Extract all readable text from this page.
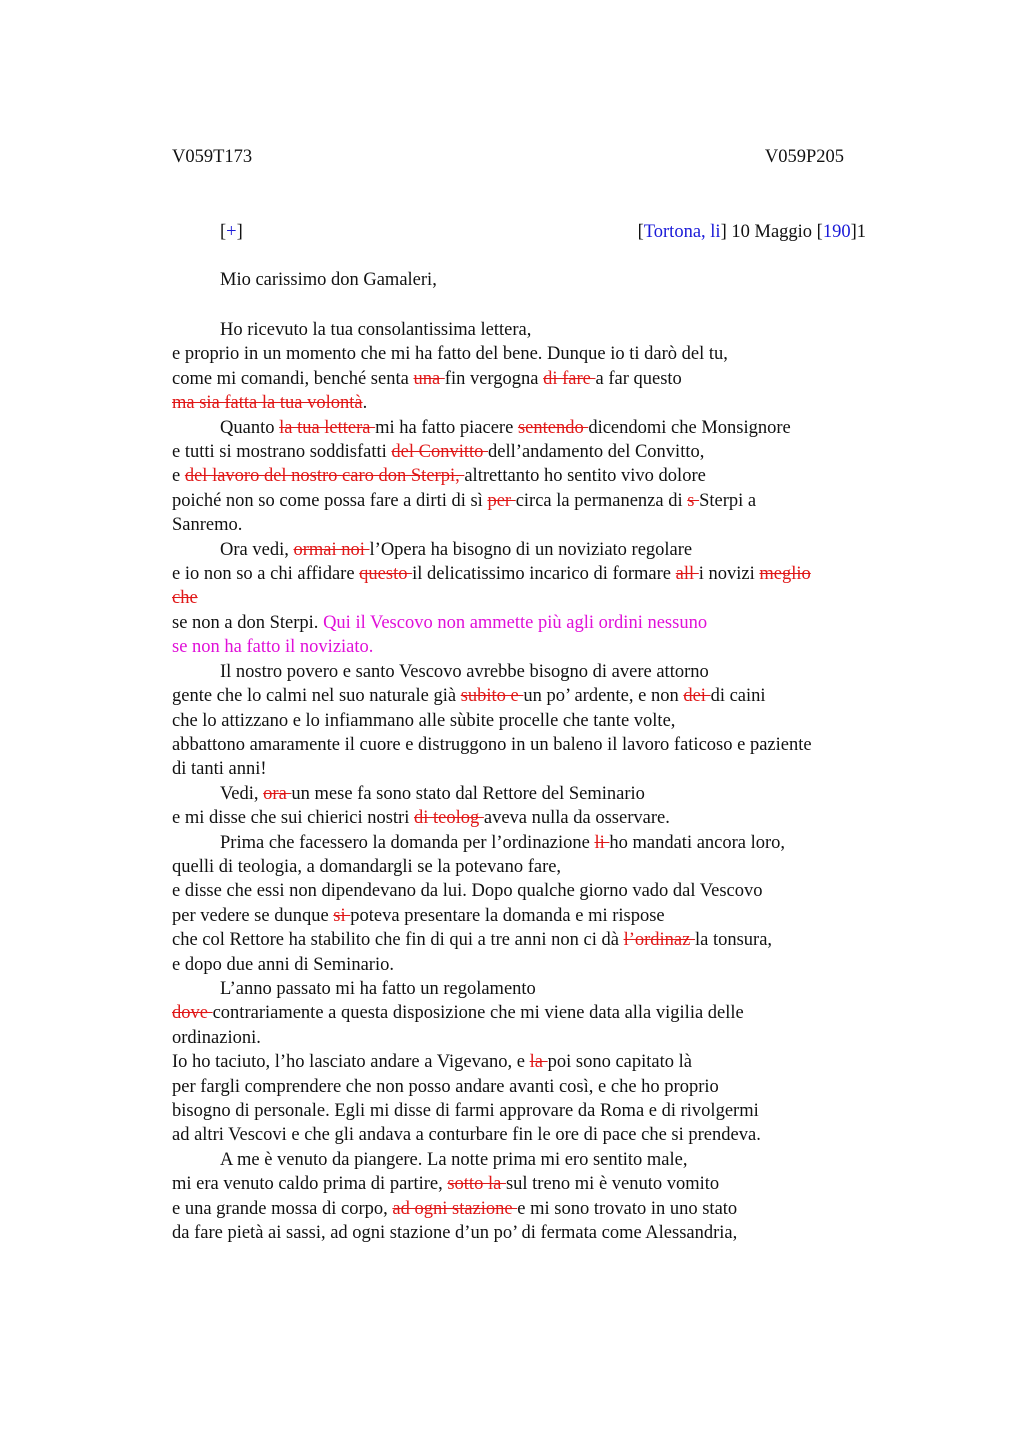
V059T173	V059P205
[+]	[Tortona, li] 10 Maggio [190]1
Mio carissimo don Gamaleri,
Ho ricevuto la tua consolantissima lettera,
e proprio in un momento che mi ha fatto del bene. Dunque io ti darò del tu,
come mi comandi, benché senta una fin vergogna di fare a far questo
ma sia fatta la tua volontà.
Quanto la tua lettera mi ha fatto piacere sentendo dicendomi che Monsignore
e tutti si mostrano soddisfatti del Convitto dell’andamento del Convitto,
e del lavoro del nostro caro don Sterpi, altrettanto ho sentito vivo dolore
poiché non so come possa fare a dirti di sì per circa la permanenza di s Sterpi a
Sanremo.
Ora vedi, ormai noi l’Opera ha bisogno di un noviziato regolare
e io non so a chi affidare questo il delicatissimo incarico di formare all i novizi meglio
che
se non a don Sterpi. Qui il Vescovo non ammette più agli ordini nessuno
se non ha fatto il noviziato.
Il nostro povero e santo Vescovo avrebbe bisogno di avere attorno
gente che lo calmi nel suo naturale già subito e un po’ ardente, e non dei di caini
che lo attizzano e lo infiammano alle sùbite procelle che tante volte,
abbattono amaramente il cuore e distruggono in un baleno il lavoro faticoso e paziente
di tanti anni!
Vedi, ora un mese fa sono stato dal Rettore del Seminario
e mi disse che sui chierici nostri di teolog aveva nulla da osservare.
Prima che facessero la domanda per l’ordinazione li ho mandati ancora loro,
quelli di teologia, a domandargli se la potevano fare,
e disse che essi non dipendevano da lui. Dopo qualche giorno vado dal Vescovo
per vedere se dunque si poteva presentare la domanda e mi rispose
che col Rettore ha stabilito che fin di qui a tre anni non ci dà l’ordinaz la tonsura,
e dopo due anni di Seminario.
L’anno passato mi ha fatto un regolamento
dove contrariamente a questa disposizione che mi viene data alla vigilia delle
ordinazioni.
Io ho taciuto, l’ho lasciato andare a Vigevano, e la poi sono capitato là
per fargli comprendere che non posso andare avanti così, e che ho proprio
bisogno di personale. Egli mi disse di farmi approvare da Roma e di rivolgermi
ad altri Vescovi e che gli andava a conturbare fin le ore di pace che si prendeva.
A me è venuto da piangere. La notte prima mi ero sentito male,
mi era venuto caldo prima di partire, sotto la sul treno mi è venuto vomito
e una grande mossa di corpo, ad ogni stazione e mi sono trovato in uno stato
da fare pietà ai sassi, ad ogni stazione d’un po’ di fermata come Alessandria,
